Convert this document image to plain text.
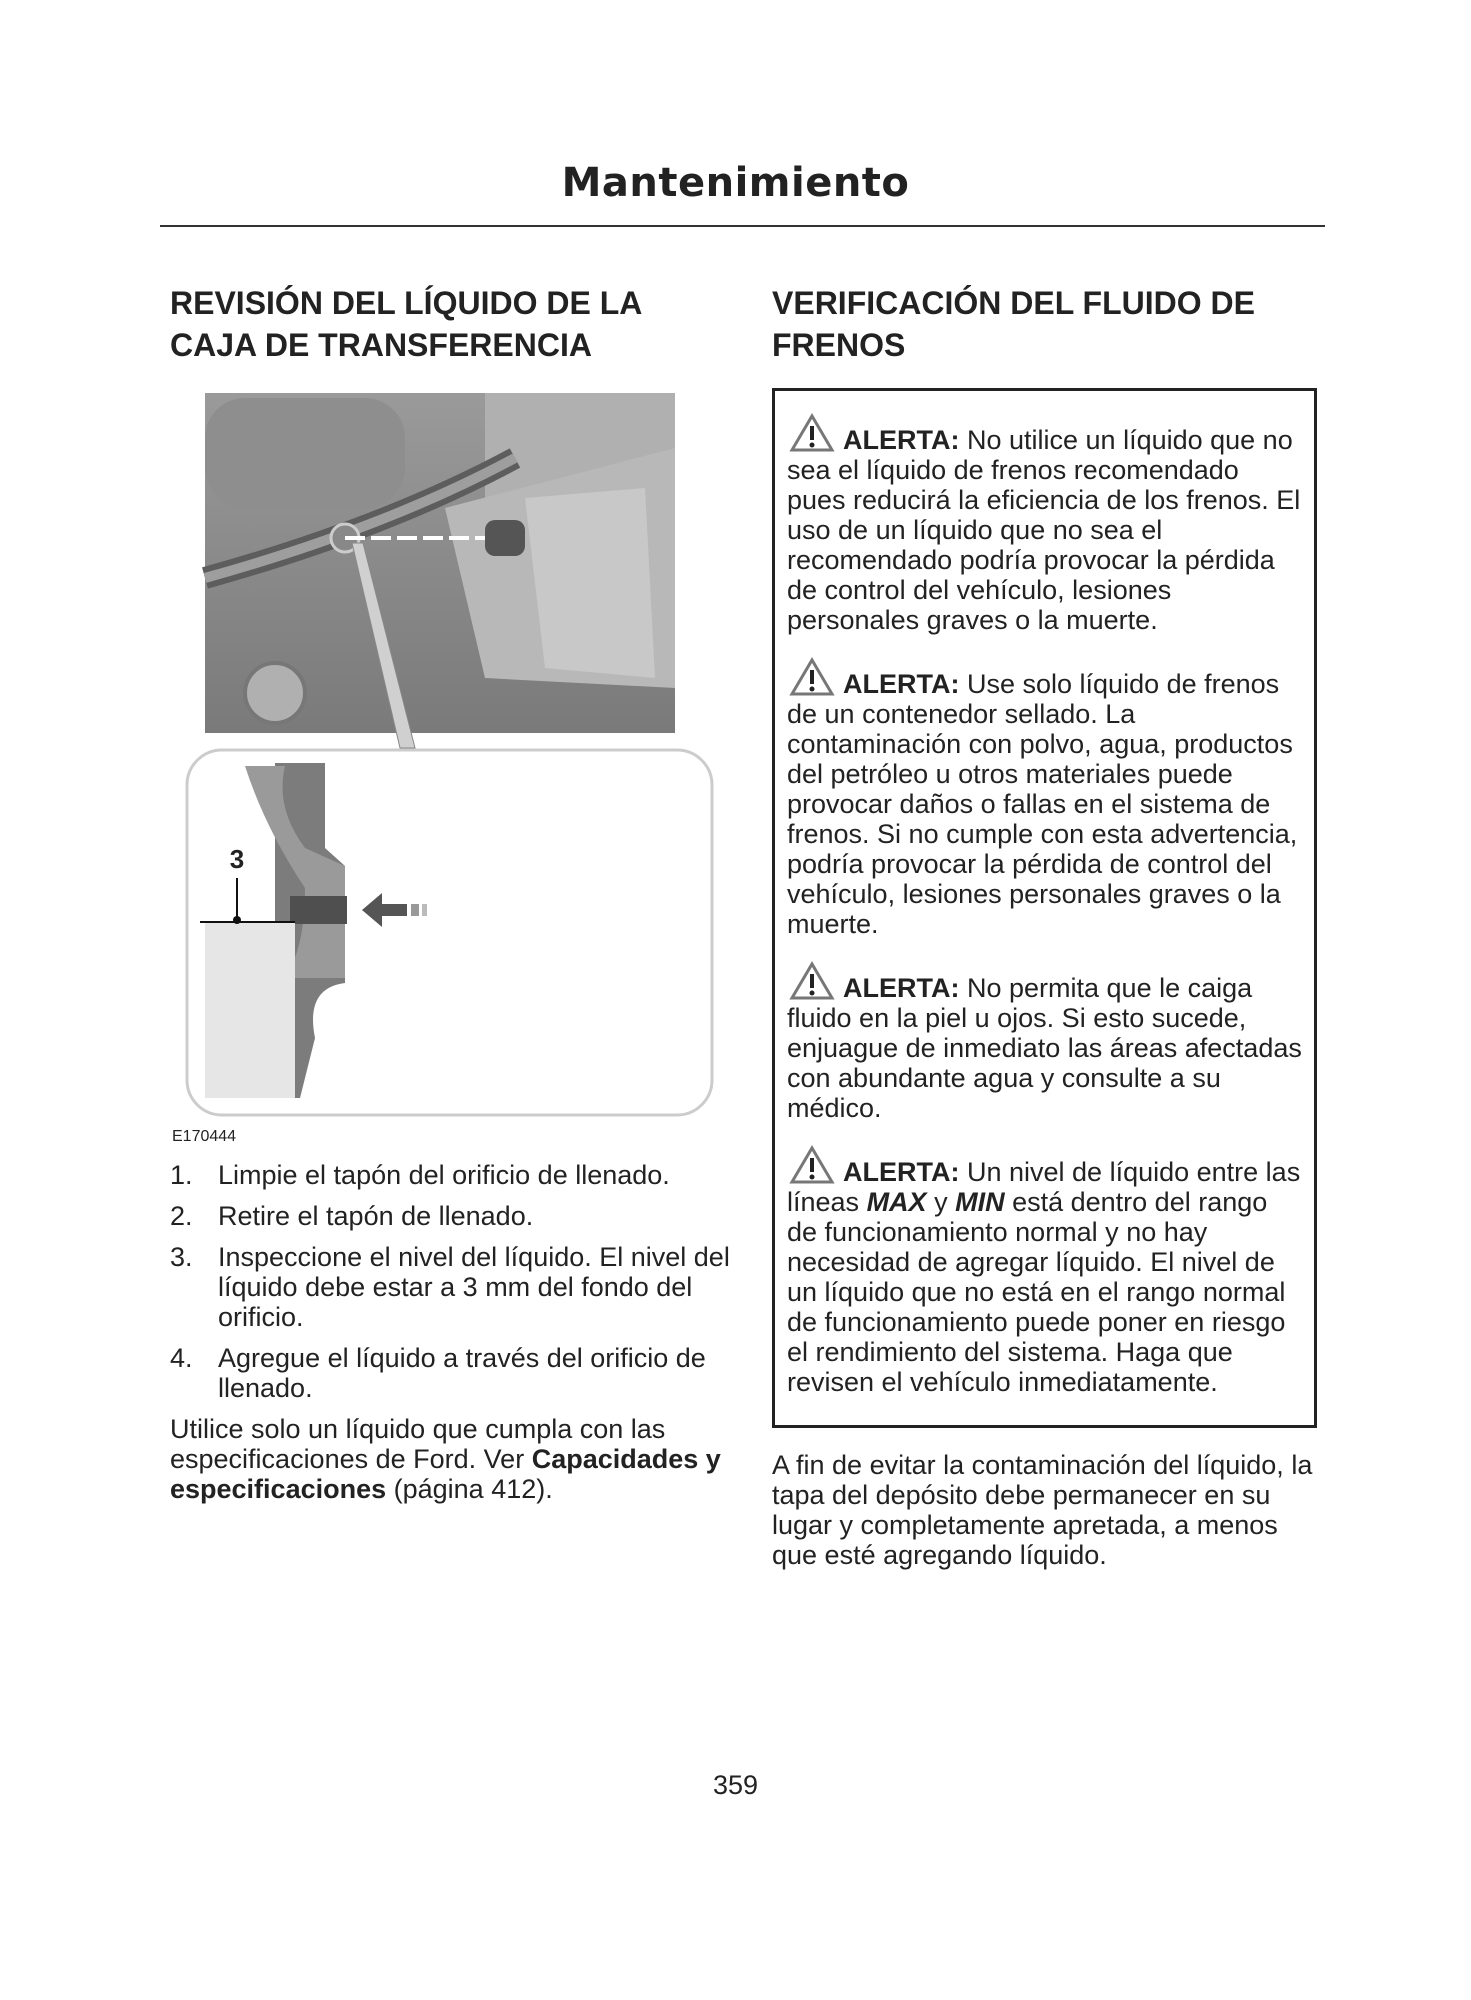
Mantenimiento
REVISIÓN DEL LÍQUIDO DE LA CAJA DE TRANSFERENCIA
3
E170444
1. Limpie el tapón del orificio de llenado.
2. Retire el tapón de llenado.
3. Inspeccione el nivel del líquido. El nivel del líquido debe estar a 3 mm del fondo del orificio.
4. Agregue el líquido a través del orificio de llenado.
Utilice solo un líquido que cumpla con las especificaciones de Ford. Ver Capacidades y especificaciones (página 412).
VERIFICACIÓN DEL FLUIDO DE FRENOS
ALERTA: No utilice un líquido que no sea el líquido de frenos recomendado pues reducirá la eficiencia de los frenos. El uso de un líquido que no sea el recomendado podría provocar la pérdida de control del vehículo, lesiones personales graves o la muerte.
ALERTA: Use solo líquido de frenos de un contenedor sellado. La contaminación con polvo, agua, productos del petróleo u otros materiales puede provocar daños o fallas en el sistema de frenos. Si no cumple con esta advertencia, podría provocar la pérdida de control del vehículo, lesiones personales graves o la muerte.
ALERTA: No permita que le caiga fluido en la piel u ojos. Si esto sucede, enjuague de inmediato las áreas afectadas con abundante agua y consulte a su médico.
ALERTA: Un nivel de líquido entre las líneas MAX y MIN está dentro del rango de funcionamiento normal y no hay necesidad de agregar líquido. El nivel de un líquido que no está en el rango normal de funcionamiento puede poner en riesgo el rendimiento del sistema. Haga que revisen el vehículo inmediatamente.
A fin de evitar la contaminación del líquido, la tapa del depósito debe permanecer en su lugar y completamente apretada, a menos que esté agregando líquido.
359
